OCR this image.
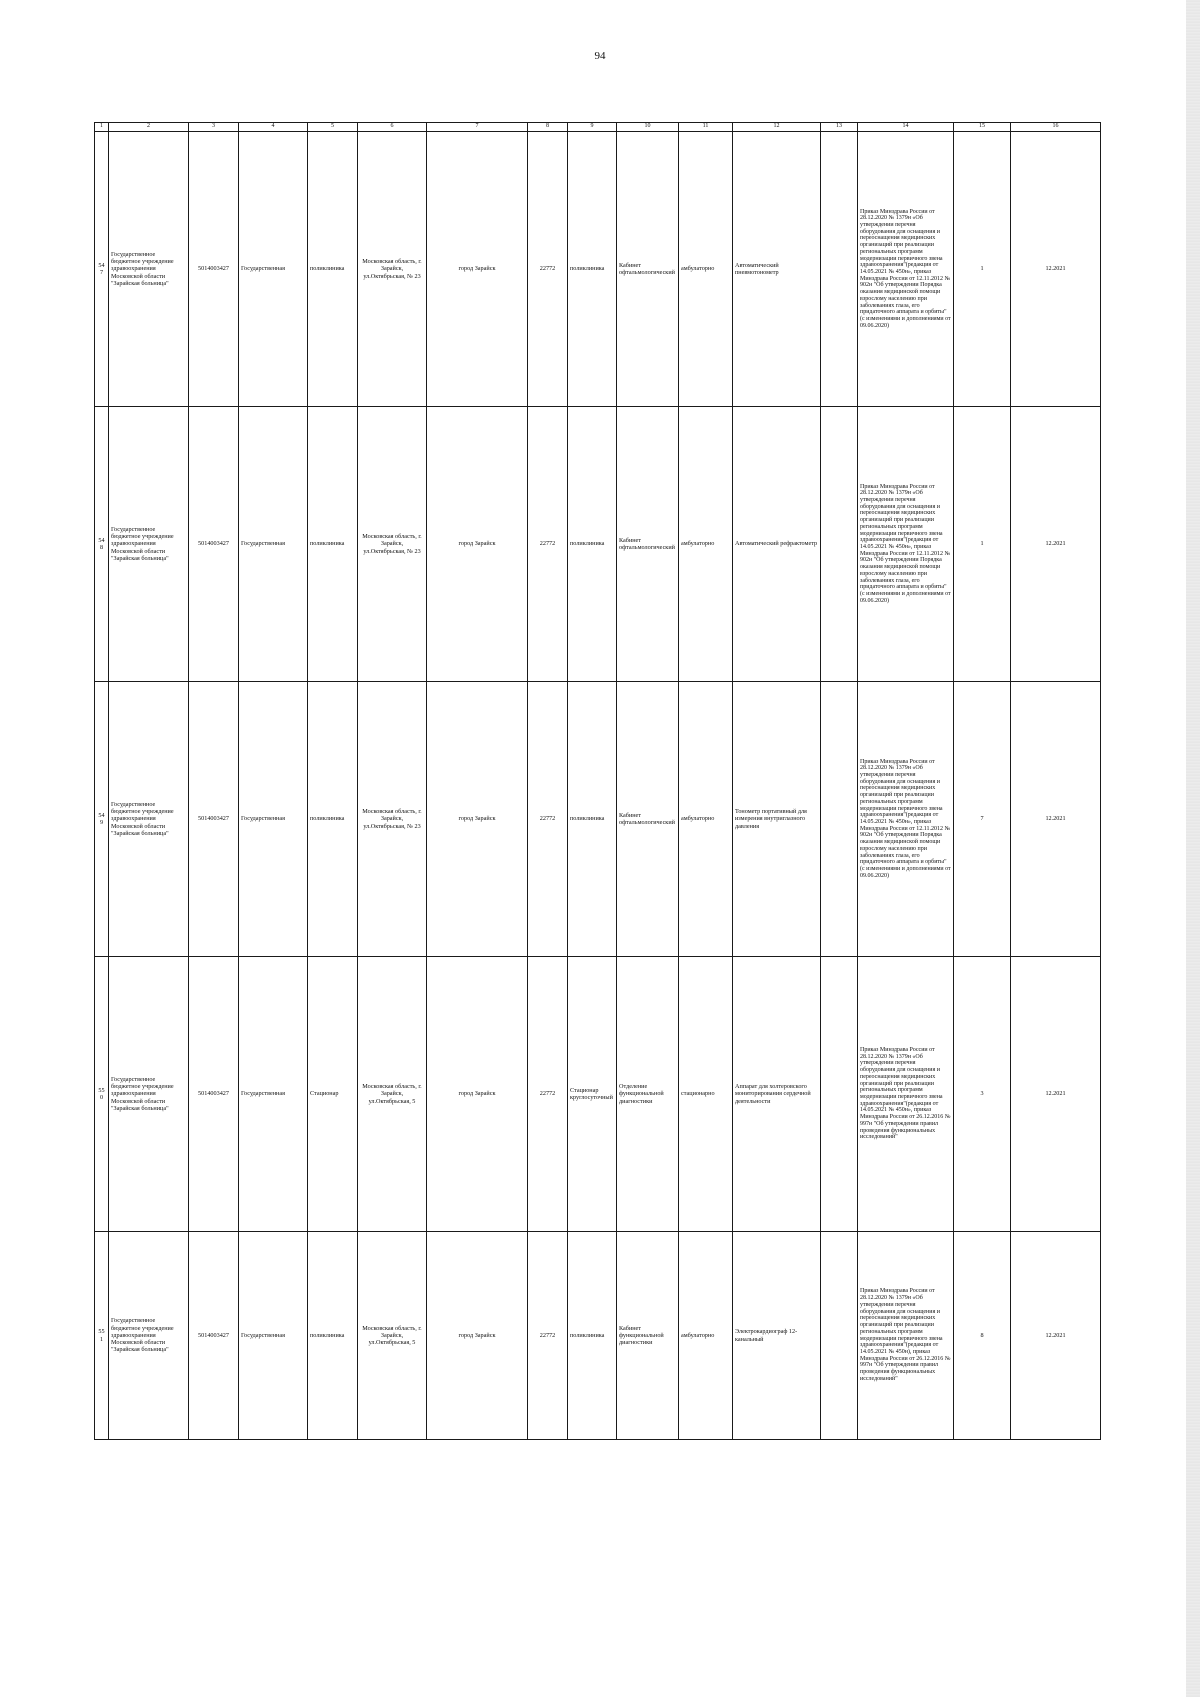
94
1	2	3	4	5	6	7	8	9	10	11	12	13	14	15	16
547	Государственное бюджетное учреждение здравоохранения Московской области "Зарайская больница"	5014003427	Государственная	поликлиника	Московская область, г. Зарайск, ул.Октябрьская, № 23	город Зарайск	22772	поликлиника	Кабинет офтальмологический	амбулаторно	Автоматический пневмотонометр		Приказ Минздрава России от 28.12.2020 № 1379н «Об утверждении перечня оборудования для оснащения и переоснащения медицинских организаций при реализации региональных программ модернизации первичного звена здравоохранения"(редакция от 14.05.2021 № 450н», приказ Минздрава России от 12.11.2012 № 902н "Об утверждении Порядка оказания медицинской помощи взрослому населению при заболеваниях глаза, его придаточного аппарата и орбиты" (с изменениями и дополнениями от 09.06.2020)	1	12.2021
548	Государственное бюджетное учреждение здравоохранения Московской области "Зарайская больница"	5014003427	Государственная	поликлиника	Московская область, г. Зарайск, ул.Октябрьская, № 23	город Зарайск	22772	поликлиника	Кабинет офтальмологический	амбулаторно	Автоматический рефрактометр		Приказ Минздрава России от 28.12.2020 № 1379н «Об утверждении перечня оборудования для оснащения и переоснащения медицинских организаций при реализации региональных программ модернизации первичного звена здравоохранения"(редакция от 14.05.2021 № 450н», приказ Минздрава России от 12.11.2012 № 902н "Об утверждении Порядка оказания медицинской помощи взрослому населению при заболеваниях глаза, его придаточного аппарата и орбиты" (с изменениями и дополнениями от 09.06.2020)	1	12.2021
549	Государственное бюджетное учреждение здравоохранения Московской области "Зарайская больница"	5014003427	Государственная	поликлиника	Московская область, г. Зарайск, ул.Октябрьская, № 23	город Зарайск	22772	поликлиника	Кабинет офтальмологический	амбулаторно	Тонометр портативный для измерения внутриглазного давления		Приказ Минздрава России от 28.12.2020 № 1379н «Об утверждении перечня оборудования для оснащения и переоснащения медицинских организаций при реализации региональных программ модернизации первичного звена здравоохранения"(редакция от 14.05.2021 № 450н», приказ Минздрава России от 12.11.2012 № 902н "Об утверждении Порядка оказания медицинской помощи взрослому населению при заболеваниях глаза, его придаточного аппарата и орбиты" (с изменениями и дополнениями от 09.06.2020)	7	12.2021
550	Государственное бюджетное учреждение здравоохранения Московской области "Зарайская больница"	5014003427	Государственная	Стационар	Московская область, г. Зарайск, ул.Октябрьская, 5	город Зарайск	22772	Стационар круглосуточный	Отделение функциональной диагностики	стационарно	Аппарат для холтеровского мониторирования сердечной деятельности		Приказ Минздрава России от 28.12.2020 № 1379н «Об утверждении перечня оборудования для оснащения и переоснащения медицинских организаций при реализации региональных программ модернизации первичного звена здравоохранения"(редакция от 14.05.2021 № 450н», приказ Минздрава России от 26.12.2016 № 997н "Об утверждении правил проведения функциональных исследований"	3	12.2021
551	Государственное бюджетное учреждение здравоохранения Московской области "Зарайская больница"	5014003427	Государственная	поликлиника	Московская область, г. Зарайск, ул.Октябрьская, 5	город Зарайск	22772	поликлиника	Кабинет функциональной диагностики	амбулаторно	Электрокардиограф 12-канальный		Приказ Минздрава России от 28.12.2020 № 1379н «Об утверждении перечня оборудования для оснащения и переоснащения медицинских организаций при реализации региональных программ модернизации первичного звена здравоохранения"(редакция от 14.05.2021 № 450н), приказ Минздрава России от 26.12.2016 № 997н "Об утверждении правил проведения функциональных исследований"	8	12.2021
